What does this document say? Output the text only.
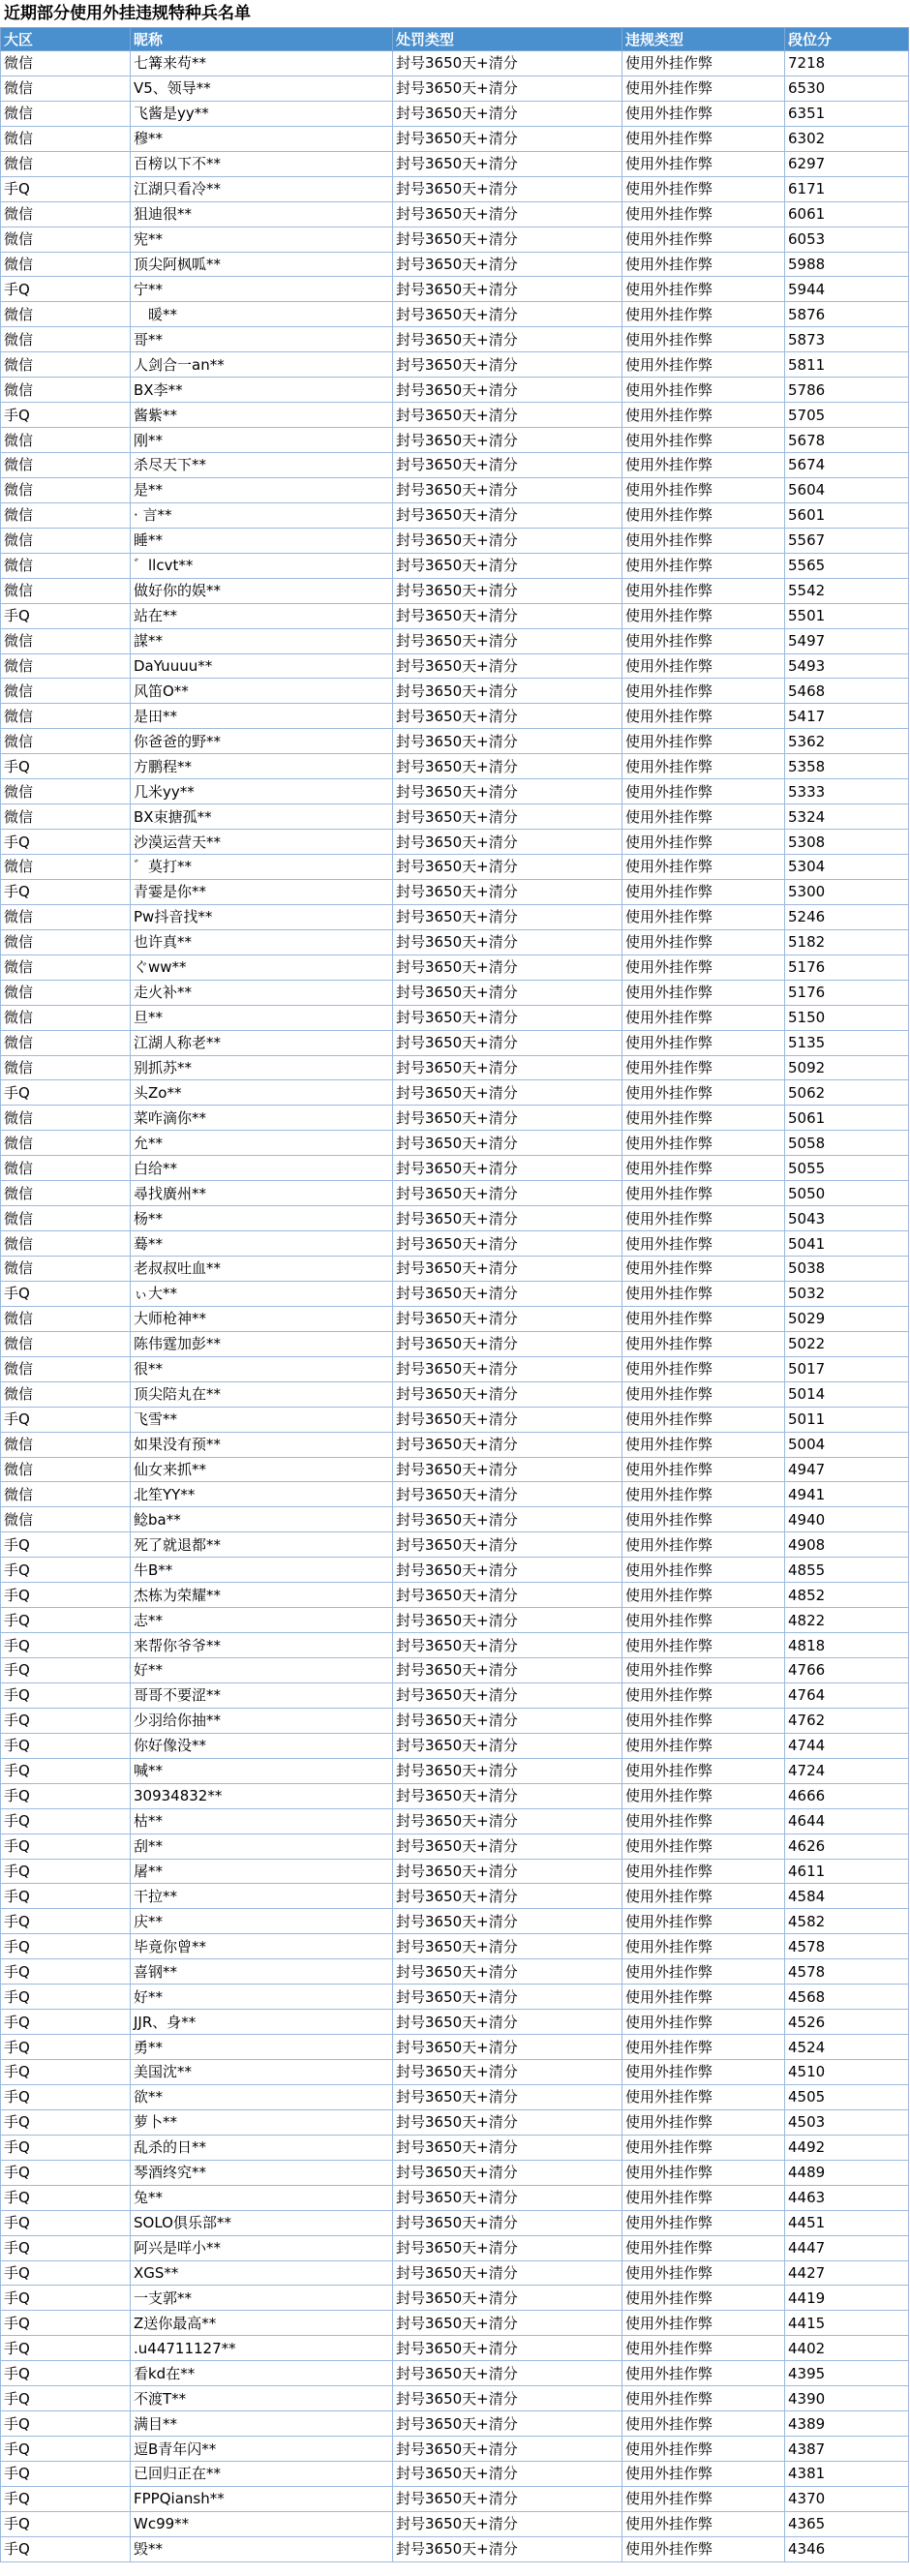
近期部分使用外挂违规特种兵名单
大区	昵称	处罚类型	违规类型	段位分
微信	七篝来苟**	封号3650天+清分	使用外挂作弊	7218
微信	V5、领导**	封号3650天+清分	使用外挂作弊	6530
微信	飞酱是yy**	封号3650天+清分	使用外挂作弊	6351
微信	穆**	封号3650天+清分	使用外挂作弊	6302
微信	百榜以下不**	封号3650天+清分	使用外挂作弊	6297
手Q	江湖只看冷**	封号3650天+清分	使用外挂作弊	6171
微信	狙迪很**	封号3650天+清分	使用外挂作弊	6061
微信	宪**	封号3650天+清分	使用外挂作弊	6053
微信	顶尖阿枫呱**	封号3650天+清分	使用外挂作弊	5988
手Q	宁**	封号3650天+清分	使用外挂作弊	5944
微信	　暖**	封号3650天+清分	使用外挂作弊	5876
微信	哥**	封号3650天+清分	使用外挂作弊	5873
微信	人剑合一an**	封号3650天+清分	使用外挂作弊	5811
微信	BX李**	封号3650天+清分	使用外挂作弊	5786
手Q	酱紫**	封号3650天+清分	使用外挂作弊	5705
微信	刚**	封号3650天+清分	使用外挂作弊	5678
微信	杀尽天下**	封号3650天+清分	使用外挂作弊	5674
微信	是**	封号3650天+清分	使用外挂作弊	5604
微信	· 言**	封号3650天+清分	使用外挂作弊	5601
微信	睡**	封号3650天+清分	使用外挂作弊	5567
微信	゛llcvt**	封号3650天+清分	使用外挂作弊	5565
微信	做好你的娱**	封号3650天+清分	使用外挂作弊	5542
手Q	站在**	封号3650天+清分	使用外挂作弊	5501
微信	謀**	封号3650天+清分	使用外挂作弊	5497
微信	DaYuuuu**	封号3650天+清分	使用外挂作弊	5493
微信	风笛O**	封号3650天+清分	使用外挂作弊	5468
微信	是田**	封号3650天+清分	使用外挂作弊	5417
微信	你爸爸的野**	封号3650天+清分	使用外挂作弊	5362
手Q	方鹏程**	封号3650天+清分	使用外挂作弊	5358
微信	几米yy**	封号3650天+清分	使用外挂作弊	5333
微信	BX束搪孤**	封号3650天+清分	使用外挂作弊	5324
手Q	沙漠运营天**	封号3650天+清分	使用外挂作弊	5308
微信	゛莫打**	封号3650天+清分	使用外挂作弊	5304
手Q	青霎是你**	封号3650天+清分	使用外挂作弊	5300
微信	Pw抖音找**	封号3650天+清分	使用外挂作弊	5246
微信	也许真**	封号3650天+清分	使用外挂作弊	5182
微信	ぐww**	封号3650天+清分	使用外挂作弊	5176
微信	走火补**	封号3650天+清分	使用外挂作弊	5176
微信	旦**	封号3650天+清分	使用外挂作弊	5150
微信	江湖人称老**	封号3650天+清分	使用外挂作弊	5135
微信	别抓苏**	封号3650天+清分	使用外挂作弊	5092
手Q	头Zo**	封号3650天+清分	使用外挂作弊	5062
微信	菜咋滴你**	封号3650天+清分	使用外挂作弊	5061
微信	允**	封号3650天+清分	使用外挂作弊	5058
微信	白给**	封号3650天+清分	使用外挂作弊	5055
微信	尋找廣州**	封号3650天+清分	使用外挂作弊	5050
微信	杨**	封号3650天+清分	使用外挂作弊	5043
微信	蓦**	封号3650天+清分	使用外挂作弊	5041
微信	老叔叔吐血**	封号3650天+清分	使用外挂作弊	5038
手Q	ぃ大**	封号3650天+清分	使用外挂作弊	5032
微信	大师枪神**	封号3650天+清分	使用外挂作弊	5029
微信	陈伟霆加彭**	封号3650天+清分	使用外挂作弊	5022
微信	很**	封号3650天+清分	使用外挂作弊	5017
微信	顶尖陪丸在**	封号3650天+清分	使用外挂作弊	5014
手Q	飞雪**	封号3650天+清分	使用外挂作弊	5011
微信	如果没有预**	封号3650天+清分	使用外挂作弊	5004
微信	仙女来抓**	封号3650天+清分	使用外挂作弊	4947
微信	北笙YY**	封号3650天+清分	使用外挂作弊	4941
微信	鲶ba**	封号3650天+清分	使用外挂作弊	4940
手Q	死了就退都**	封号3650天+清分	使用外挂作弊	4908
手Q	牛B**	封号3650天+清分	使用外挂作弊	4855
手Q	杰栋为荣耀**	封号3650天+清分	使用外挂作弊	4852
手Q	志**	封号3650天+清分	使用外挂作弊	4822
手Q	来帮你爷爷**	封号3650天+清分	使用外挂作弊	4818
手Q	好**	封号3650天+清分	使用外挂作弊	4766
手Q	哥哥不要涩**	封号3650天+清分	使用外挂作弊	4764
手Q	少羽给你抽**	封号3650天+清分	使用外挂作弊	4762
手Q	你好像没**	封号3650天+清分	使用外挂作弊	4744
手Q	喊**	封号3650天+清分	使用外挂作弊	4724
手Q	30934832**	封号3650天+清分	使用外挂作弊	4666
手Q	枯**	封号3650天+清分	使用外挂作弊	4644
手Q	刮**	封号3650天+清分	使用外挂作弊	4626
手Q	屠**	封号3650天+清分	使用外挂作弊	4611
手Q	干拉**	封号3650天+清分	使用外挂作弊	4584
手Q	庆**	封号3650天+清分	使用外挂作弊	4582
手Q	毕竟你曾**	封号3650天+清分	使用外挂作弊	4578
手Q	喜钢**	封号3650天+清分	使用外挂作弊	4578
手Q	好**	封号3650天+清分	使用外挂作弊	4568
手Q	JJR、身**	封号3650天+清分	使用外挂作弊	4526
手Q	勇**	封号3650天+清分	使用外挂作弊	4524
手Q	美国沈**	封号3650天+清分	使用外挂作弊	4510
手Q	欲**	封号3650天+清分	使用外挂作弊	4505
手Q	萝卜**	封号3650天+清分	使用外挂作弊	4503
手Q	乱杀的日**	封号3650天+清分	使用外挂作弊	4492
手Q	琴酒终究**	封号3650天+清分	使用外挂作弊	4489
手Q	兔**	封号3650天+清分	使用外挂作弊	4463
手Q	SOLO俱乐部**	封号3650天+清分	使用外挂作弊	4451
手Q	阿兴是咩小**	封号3650天+清分	使用外挂作弊	4447
手Q	XGS**	封号3650天+清分	使用外挂作弊	4427
手Q	一支郭**	封号3650天+清分	使用外挂作弊	4419
手Q	Z送你最高**	封号3650天+清分	使用外挂作弊	4415
手Q	.u44711127**	封号3650天+清分	使用外挂作弊	4402
手Q	看kd在**	封号3650天+清分	使用外挂作弊	4395
手Q	不渡T**	封号3650天+清分	使用外挂作弊	4390
手Q	满目**	封号3650天+清分	使用外挂作弊	4389
手Q	逗B青年闪**	封号3650天+清分	使用外挂作弊	4387
手Q	已回归正在**	封号3650天+清分	使用外挂作弊	4381
手Q	FPPQiansh**	封号3650天+清分	使用外挂作弊	4370
手Q	Wc99**	封号3650天+清分	使用外挂作弊	4365
手Q	毁**	封号3650天+清分	使用外挂作弊	4346
